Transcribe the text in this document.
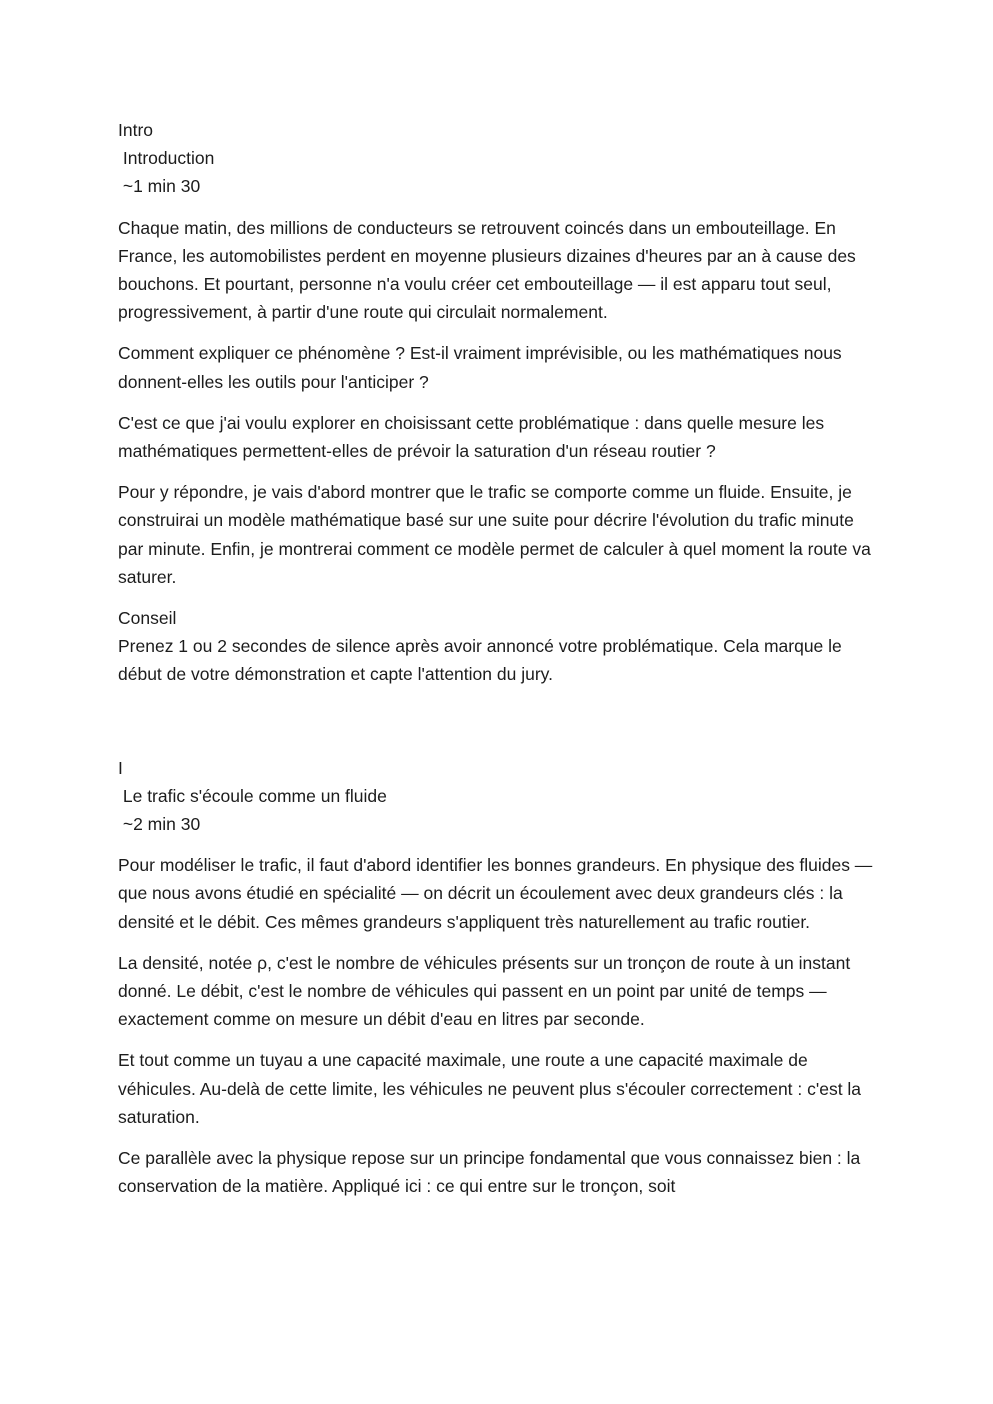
Intro

Introduction

~1 min 30

Chaque matin, des millions de conducteurs se retrouvent coincés dans un embouteillage. En France, les automobilistes perdent en moyenne plusieurs dizaines d'heures par an à cause des bouchons. Et pourtant, personne n'a voulu créer cet embouteillage — il est apparu tout seul, progressivement, à partir d'une route qui circulait normalement.

Comment expliquer ce phénomène ? Est-il vraiment imprévisible, ou les mathématiques nous donnent-elles les outils pour l'anticiper ?

C'est ce que j'ai voulu explorer en choisissant cette problématique : dans quelle mesure les mathématiques permettent-elles de prévoir la saturation d'un réseau routier ?

Pour y répondre, je vais d'abord montrer que le trafic se comporte comme un fluide. Ensuite, je construirai un modèle mathématique basé sur une suite pour décrire l'évolution du trafic minute par minute. Enfin, je montrerai comment ce modèle permet de calculer à quel moment la route va saturer.

Conseil

Prenez 1 ou 2 secondes de silence après avoir annoncé votre problématique. Cela marque le début de votre démonstration et capte l'attention du jury.

I

Le trafic s'écoule comme un fluide

~2 min 30

Pour modéliser le trafic, il faut d'abord identifier les bonnes grandeurs. En physique des fluides — que nous avons étudié en spécialité — on décrit un écoulement avec deux grandeurs clés : la densité et le débit. Ces mêmes grandeurs s'appliquent très naturellement au trafic routier.

La densité, notée ρ, c'est le nombre de véhicules présents sur un tronçon de route à un instant donné. Le débit, c'est le nombre de véhicules qui passent en un point par unité de temps — exactement comme on mesure un débit d'eau en litres par seconde.

Et tout comme un tuyau a une capacité maximale, une route a une capacité maximale de véhicules. Au-delà de cette limite, les véhicules ne peuvent plus s'écouler correctement : c'est la saturation.

Ce parallèle avec la physique repose sur un principe fondamental que vous connaissez bien : la conservation de la matière. Appliqué ici : ce qui entre sur le tronçon, soit
